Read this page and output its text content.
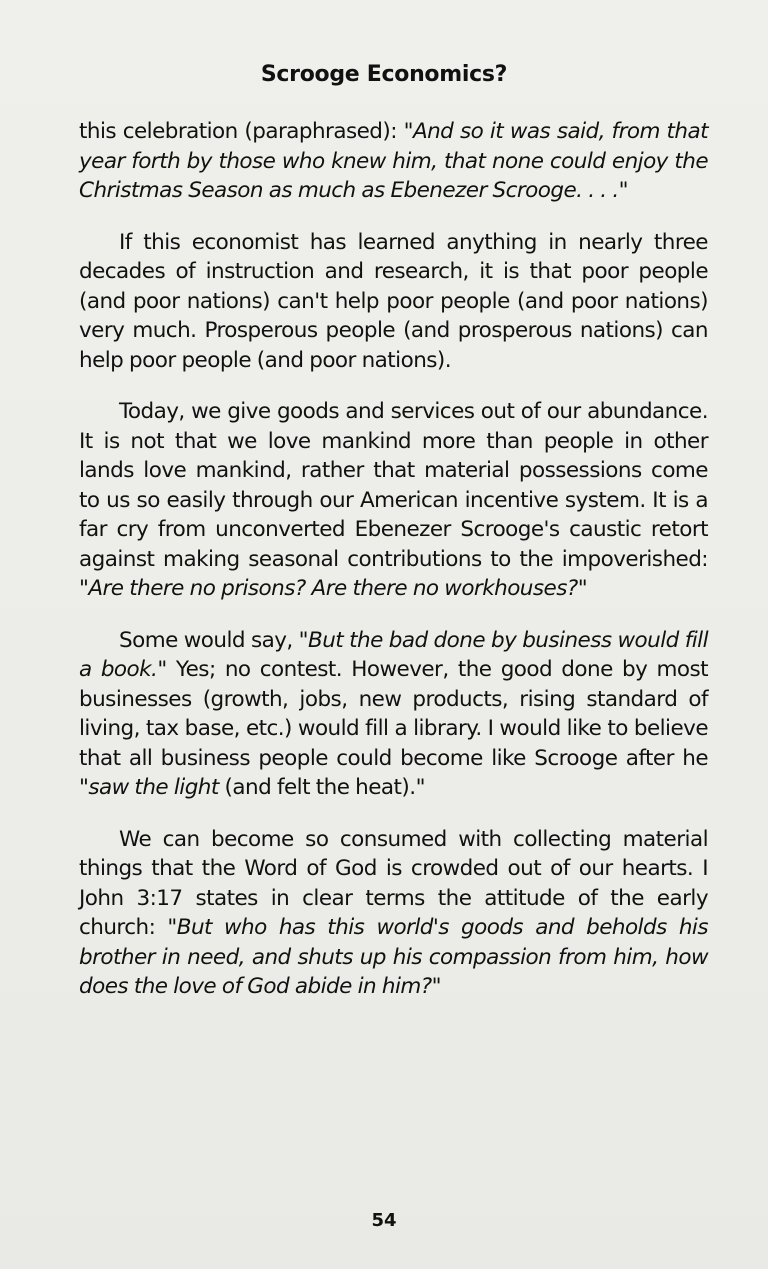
Scrooge Economics?

this celebration (paraphrased): "And so it was said, from that year forth by those who knew him, that none could enjoy the Christmas Season as much as Ebenezer Scrooge. . . ."

If this economist has learned anything in nearly three decades of instruction and research, it is that poor people (and poor nations) can't help poor people (and poor nations) very much. Prosperous people (and prosperous nations) can help poor people (and poor nations).

Today, we give goods and services out of our abundance. It is not that we love mankind more than people in other lands love mankind, rather that material possessions come to us so easily through our American incentive system. It is a far cry from unconverted Ebenezer Scrooge's caustic retort against making seasonal contributions to the impoverished: "Are there no prisons? Are there no workhouses?"

Some would say, "But the bad done by business would fill a book." Yes; no contest. However, the good done by most businesses (growth, jobs, new products, rising standard of living, tax base, etc.) would fill a library. I would like to believe that all business people could become like Scrooge after he "saw the light (and felt the heat)."

We can become so consumed with collecting material things that the Word of God is crowded out of our hearts. I John 3:17 states in clear terms the attitude of the early church: "But who has this world's goods and beholds his brother in need, and shuts up his compassion from him, how does the love of God abide in him?"

54
